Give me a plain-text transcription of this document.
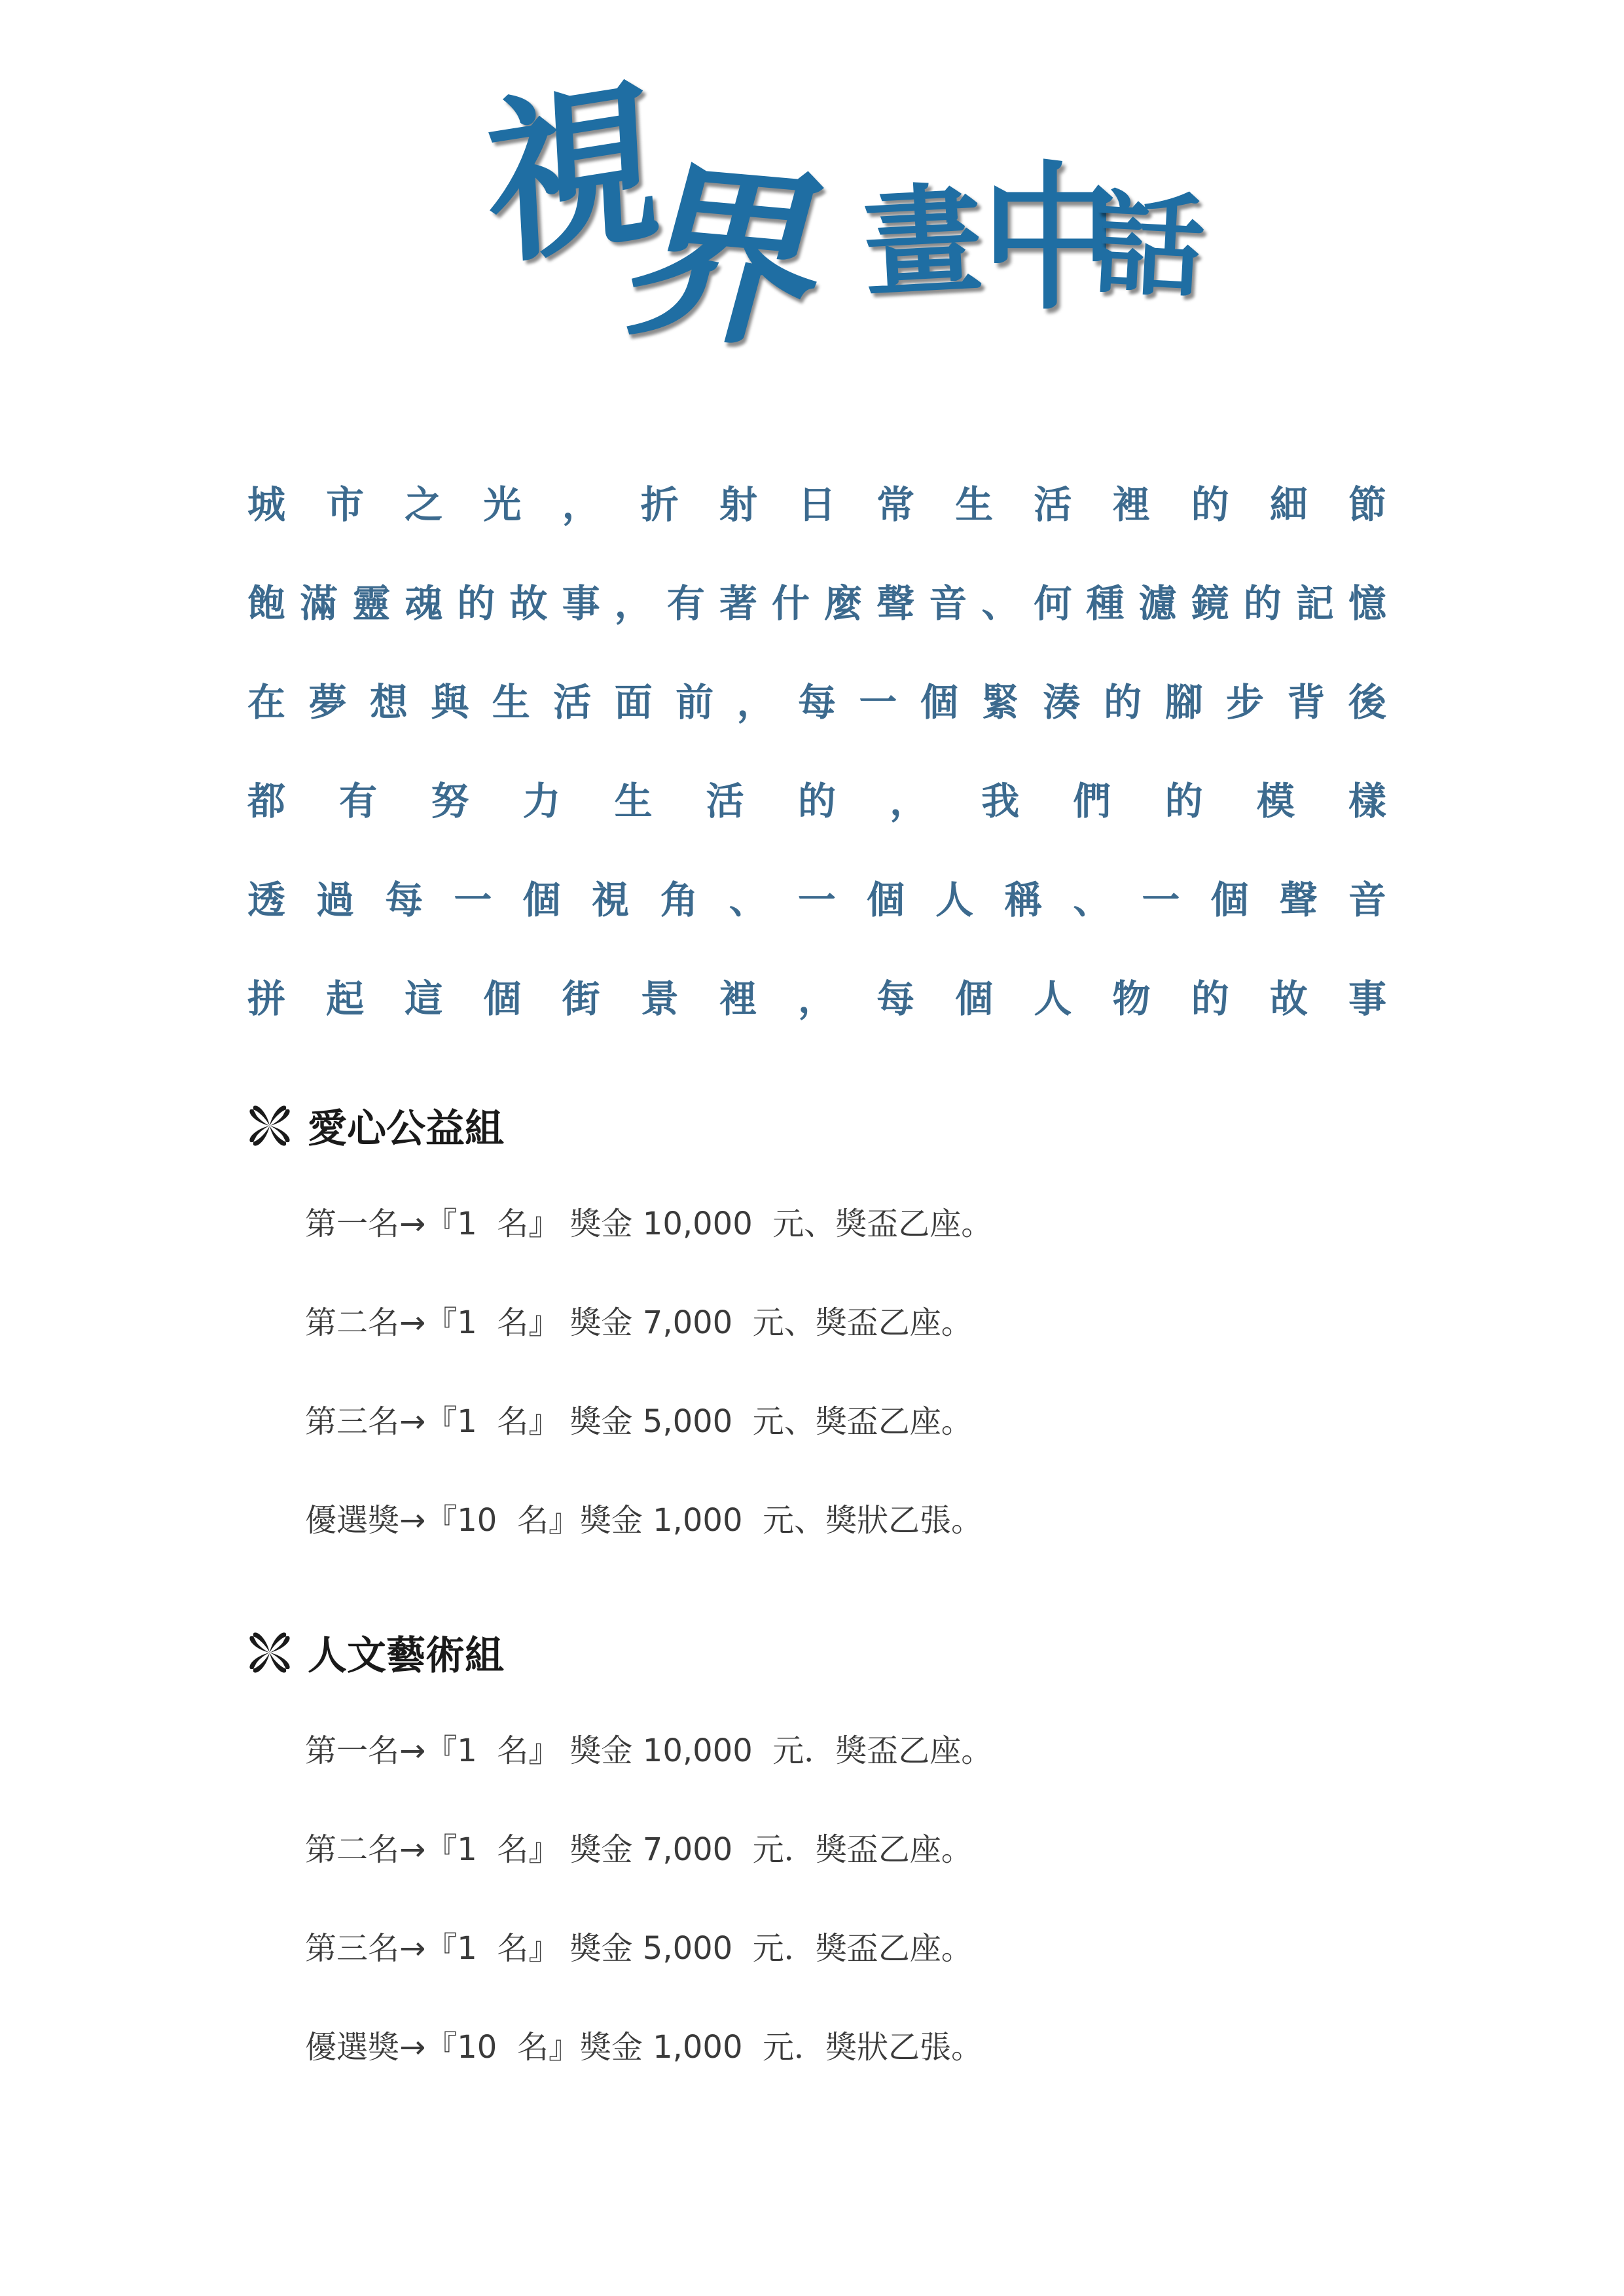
視
界 畫
中
話
城 市 之 光 ， 折 射 日 常 生 活 裡 的 細 節
飽 滿 靈 魂 的 故 事 ， 有 著 什 麼 聲 音 、 何 種 濾 鏡 的 記 憶
在 夢 想 與 生 活 面 前 ， 每 一 個 緊 湊 的 腳 步 背 後
都 有 努 力 生 活 的 ， 我 們 的 模 樣
透 過 每 一 個 視 角 、 一 個 人 稱 、 一 個 聲 音
拼 起 這 個 街 景 裡 ， 每 個 人 物 的 故 事
愛心公益組
第一名→『1  名』 獎金 10,000  元、獎盃乙座。
第二名→『1  名』 獎金 7,000  元、獎盃乙座。
第三名→『1  名』 獎金 5,000  元、獎盃乙座。
優選獎→『10  名』獎金 1,000  元、獎狀乙張。
人文藝術組
第一名→『1  名』 獎金 10,000  元．獎盃乙座。
第二名→『1  名』 獎金 7,000  元．獎盃乙座。
第三名→『1  名』 獎金 5,000  元．獎盃乙座。
優選獎→『10  名』獎金 1,000  元．獎狀乙張。
